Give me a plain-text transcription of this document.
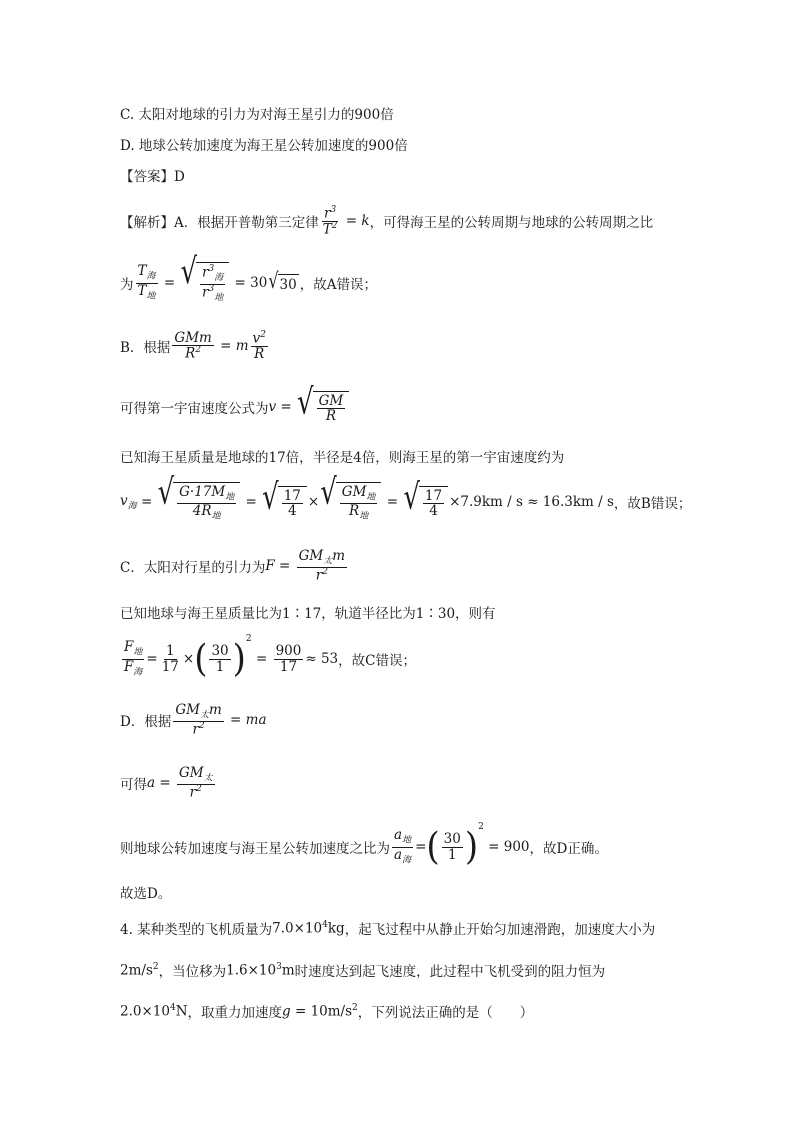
C. 太阳对地球的引力为对海王星引力的900倍
D. 地球公转加速度为海王星公转加速度的900倍
【答案】D
【解析】 A．根据开普勒第三定律 $\frac{r^3}{T^2} = k$ ，可得海王星的公转周期与地球的公转周期之比
为 $\frac{T_海}{T_地}$ = √ $\frac{r^3_海}{r^3_地} = 30$ √ 30 ，故A错误；
B．根据 $\frac{\text{GMm}}{R^2} = m \frac{v^2}{R}$
可得第一宇宙速度公式为 v = √ $\frac{GM}{R}$
已知海王星质量是地球的17倍，半径是4倍，则海王星的第一宇宙速度约为
$v_海$ = √ $\frac{G\cdot 17M_地}{4R_地}$ = √ $\frac{17}{4}$ × √ $\frac{GM_地}{R_地}$ = √ $\frac{17}{4} \times 7.9km / s \approx 16.3km / s$ ，故B错误；
C．太阳对行星的引力为 $F = \frac{GM_太m}{r^2}$
已知地球与海王星质量比为1∶17，轨道半径比为1∶30，则有
$\frac{F_地}{F_海} = \frac{1}{17}$ × ( $\frac{30}{1} )^2$
= $\frac{900}{17} \approx 53$ ，故C错误；
D．根据 $\frac{GM_太m}{r^2}$ = ma
可得 $a = \frac{GM_太}{r^2}$
则地球公转加速度与海王星公转加速度之比为 $\frac{a_地}{a_海}$ = ( $\frac{30}{1} )^2$
= 900 ，故D正确。
故选D。
4. 某种类型的飞机质量为 $7.0\times 10^4kg$ ，起飞过程中从静止开始匀加速滑跑，加速度大小为
$2m/s^2$ ，当位移为 $1.6\times 10^3m$ 时速度达到起飞速度，此过程中飞机受到的阻力恒为
$2.0\times 10^4N$ ，取重力加速度 $g = 10m/s^2$ ，下列说法正确的是（　　）
